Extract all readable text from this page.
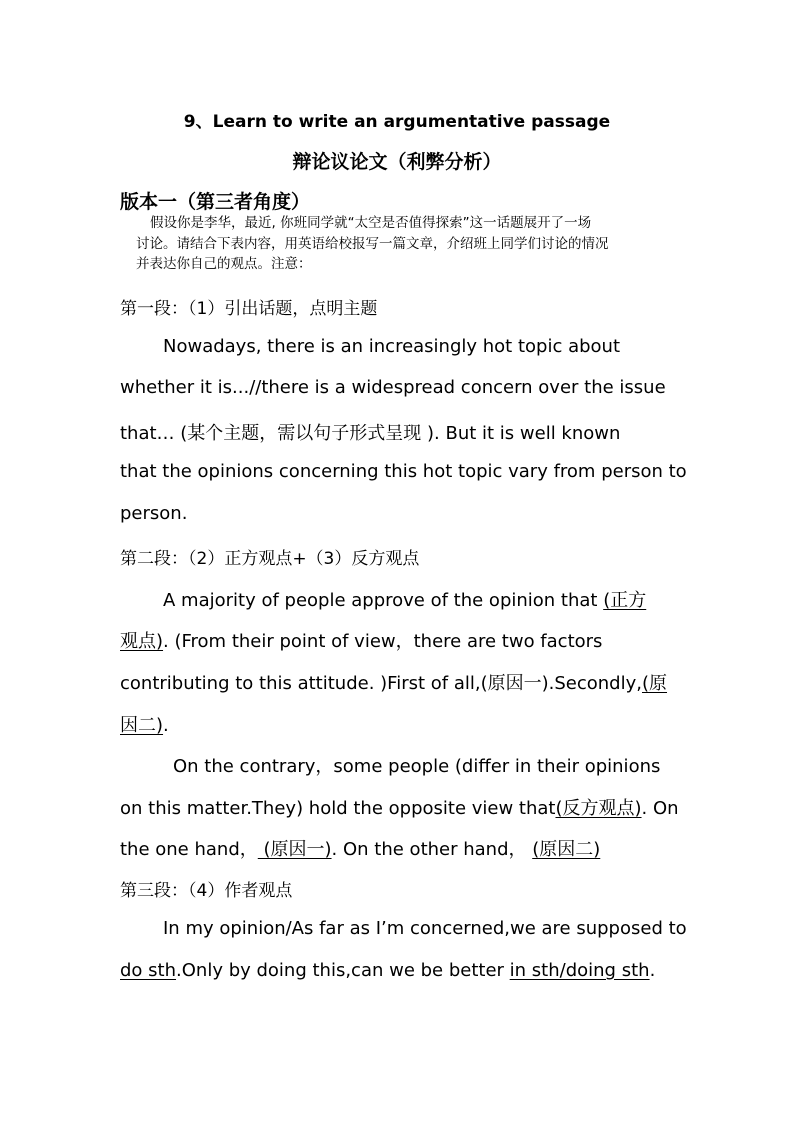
9、Learn to write an argumentative passage
辩论议论文（利弊分析）
版本一（第三者角度）
假设你是李华，最近, 你班同学就“太空是否值得探索”这一话题展开了一场
讨论。请结合下表内容，用英语给校报写一篇文章，介绍班上同学们讨论的情况
并表达你自己的观点。注意：
第一段：（1）引出话题，点明主题
Nowadays, there is an increasingly hot topic about
whether it is...//there is a widespread concern over the issue
that… (某个主题，需以句子形式呈现 ). But it is well known
that the opinions concerning this hot topic vary from person to
person.
第二段：（2）正方观点+（3）反方观点
A majority of people approve of the opinion that (正方
观点). (From their point of view，there are two factors
contributing to this attitude. )First of all,(原因一).Secondly,(原
因二).
On the contrary，some people (differ in their opinions
on this matter.They) hold the opposite view that(反方观点). On
the one hand， (原因一). On the other hand， (原因二)
第三段：（4）作者观点
In my opinion/As far as I’m concerned,we are supposed to
do sth.Only by doing this,can we be better in sth/doing sth.
